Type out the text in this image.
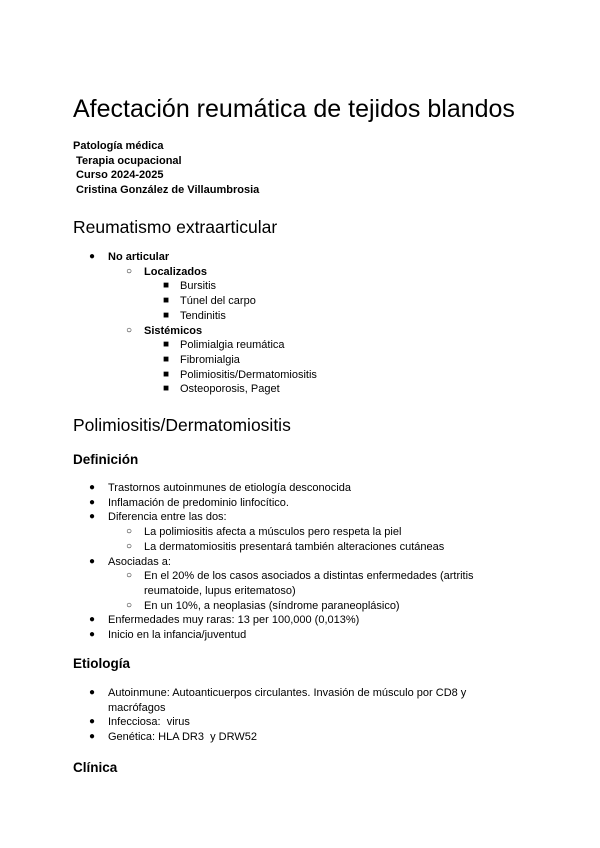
Afectación reumática de tejidos blandos
Patología médica
Terapia ocupacional
Curso 2024-2025
Cristina González de Villaumbrosia
Reumatismo extraarticular
● No articular
○ Localizados
■ Bursitis
■ Túnel del carpo
■ Tendinitis
○ Sistémicos
■ Polimialgia reumática
■ Fibromialgia
■ Polimiositis/Dermatomiositis
■ Osteoporosis, Paget
Polimiositis/Dermatomiositis
Definición
● Trastornos autoinmunes de etiología desconocida
● Inflamación de predominio linfocítico.
● Diferencia entre las dos:
○ La polimiositis afecta a músculos pero respeta la piel
○ La dermatomiositis presentará también alteraciones cutáneas
● Asociadas a:
○ En el 20% de los casos asociados a distintas enfermedades (artritis reumatoide, lupus eritematoso)
○ En un 10%, a neoplasias (síndrome paraneoplásico)
● Enfermedades muy raras: 13 per 100,000 (0,013%)
● Inicio en la infancia/juventud
Etiología
● Autoinmune: Autoanticuerpos circulantes. Invasión de músculo por CD8 y macrófagos
● Infecciosa:  virus
● Genética: HLA DR3  y DRW52
Clínica
